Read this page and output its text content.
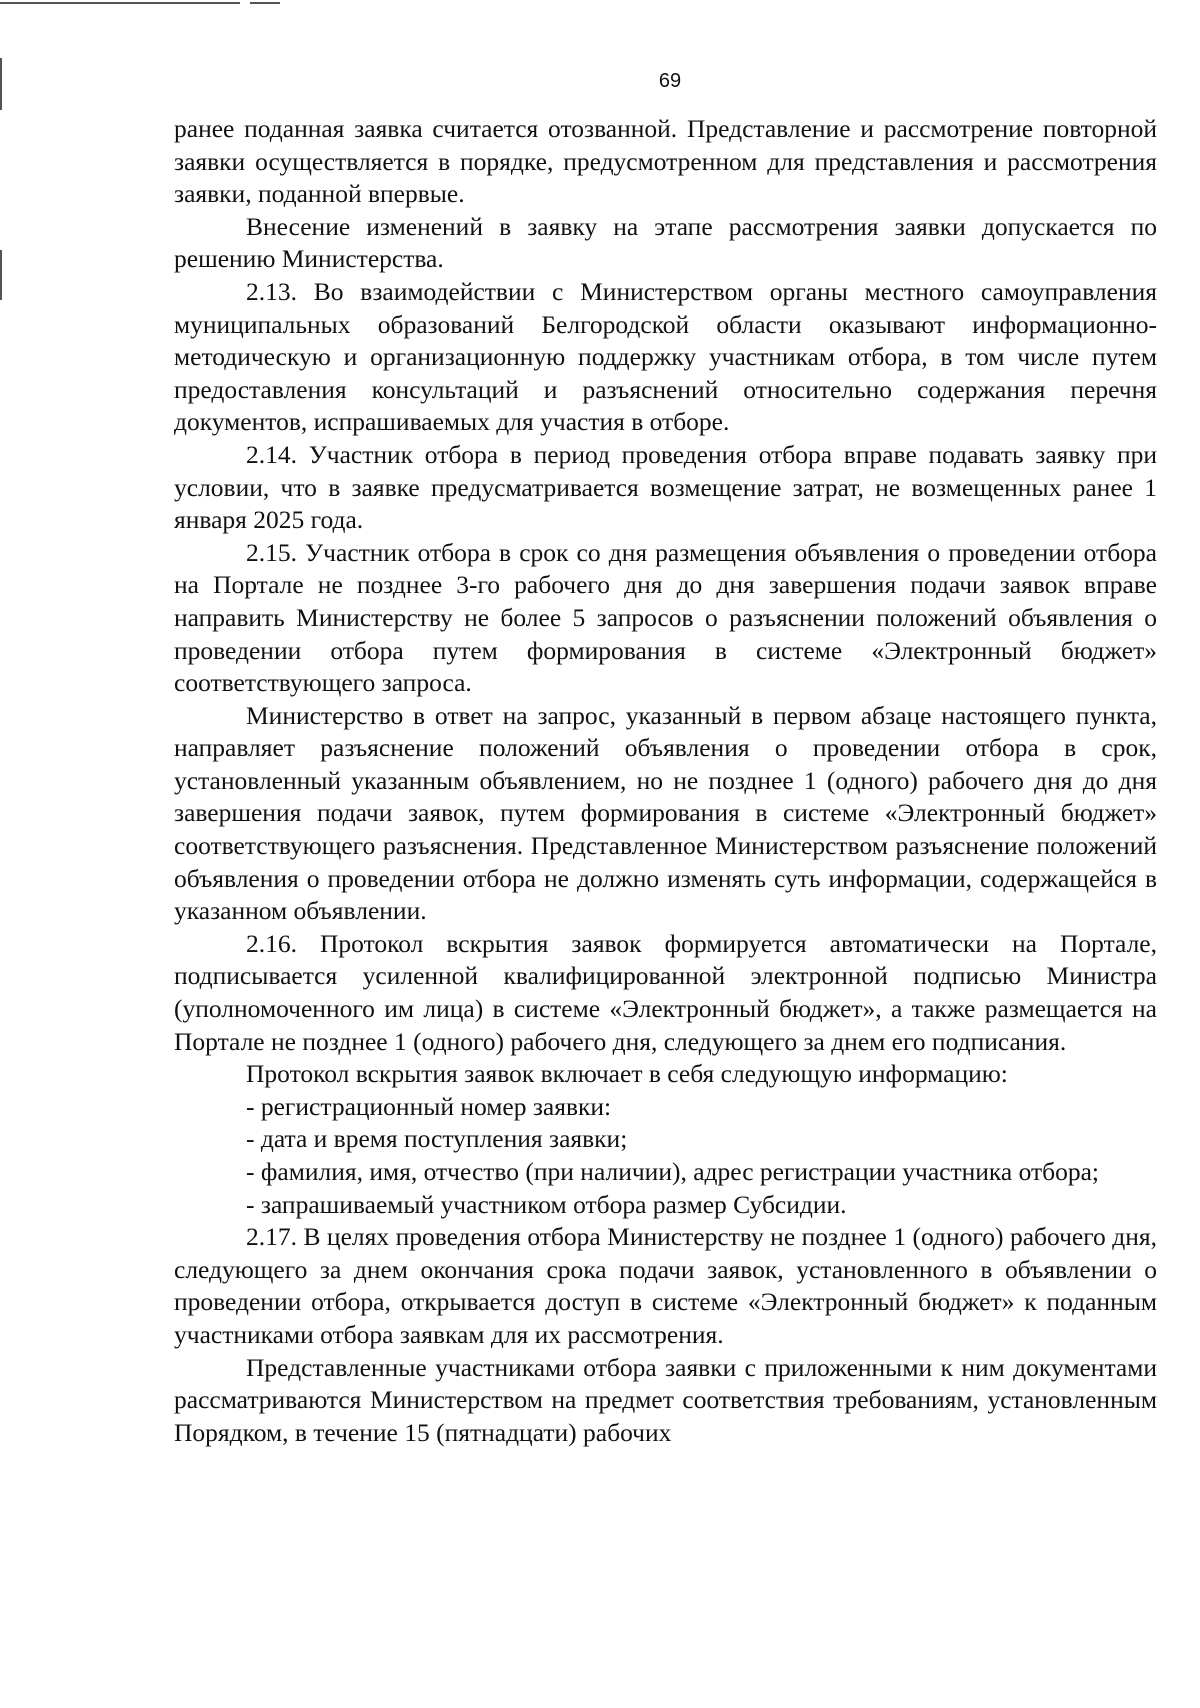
69

ранее поданная заявка считается отозванной. Представление и рассмотрение повторной заявки осуществляется в порядке, предусмотренном для представления и рассмотрения заявки, поданной впервые.

Внесение изменений в заявку на этапе рассмотрения заявки допускается по решению Министерства.

2.13. Во взаимодействии с Министерством органы местного самоуправления муниципальных образований Белгородской области оказывают информационно-методическую и организационную поддержку участникам отбора, в том числе путем предоставления консультаций и разъяснений относительно содержания перечня документов, испрашиваемых для участия в отборе.

2.14. Участник отбора в период проведения отбора вправе подавать заявку при условии, что в заявке предусматривается возмещение затрат, не возмещенных ранее 1 января 2025 года.

2.15. Участник отбора в срок со дня размещения объявления о проведении отбора на Портале не позднее 3-го рабочего дня до дня завершения подачи заявок вправе направить Министерству не более 5 запросов о разъяснении положений объявления о проведении отбора путем формирования в системе «Электронный бюджет» соответствующего запроса.

Министерство в ответ на запрос, указанный в первом абзаце настоящего пункта, направляет разъяснение положений объявления о проведении отбора в срок, установленный указанным объявлением, но не позднее 1 (одного) рабочего дня до дня завершения подачи заявок, путем формирования в системе «Электронный бюджет» соответствующего разъяснения. Представленное Министерством разъяснение положений объявления о проведении отбора не должно изменять суть информации, содержащейся в указанном объявлении.

2.16. Протокол вскрытия заявок формируется автоматически на Портале, подписывается усиленной квалифицированной электронной подписью Министра (уполномоченного им лица) в системе «Электронный бюджет», а также размещается на Портале не позднее 1 (одного) рабочего дня, следующего за днем его подписания.

Протокол вскрытия заявок включает в себя следующую информацию:

- регистрационный номер заявки:

- дата и время поступления заявки;

- фамилия, имя, отчество (при наличии), адрес регистрации участника отбора;

- запрашиваемый участником отбора размер Субсидии.

2.17. В целях проведения отбора Министерству не позднее 1 (одного) рабочего дня, следующего за днем окончания срока подачи заявок, установленного в объявлении о проведении отбора, открывается доступ в системе «Электронный бюджет» к поданным участниками отбора заявкам для их рассмотрения.

Представленные участниками отбора заявки с приложенными к ним документами рассматриваются Министерством на предмет соответствия требованиям, установленным Порядком, в течение 15 (пятнадцати) рабочих
